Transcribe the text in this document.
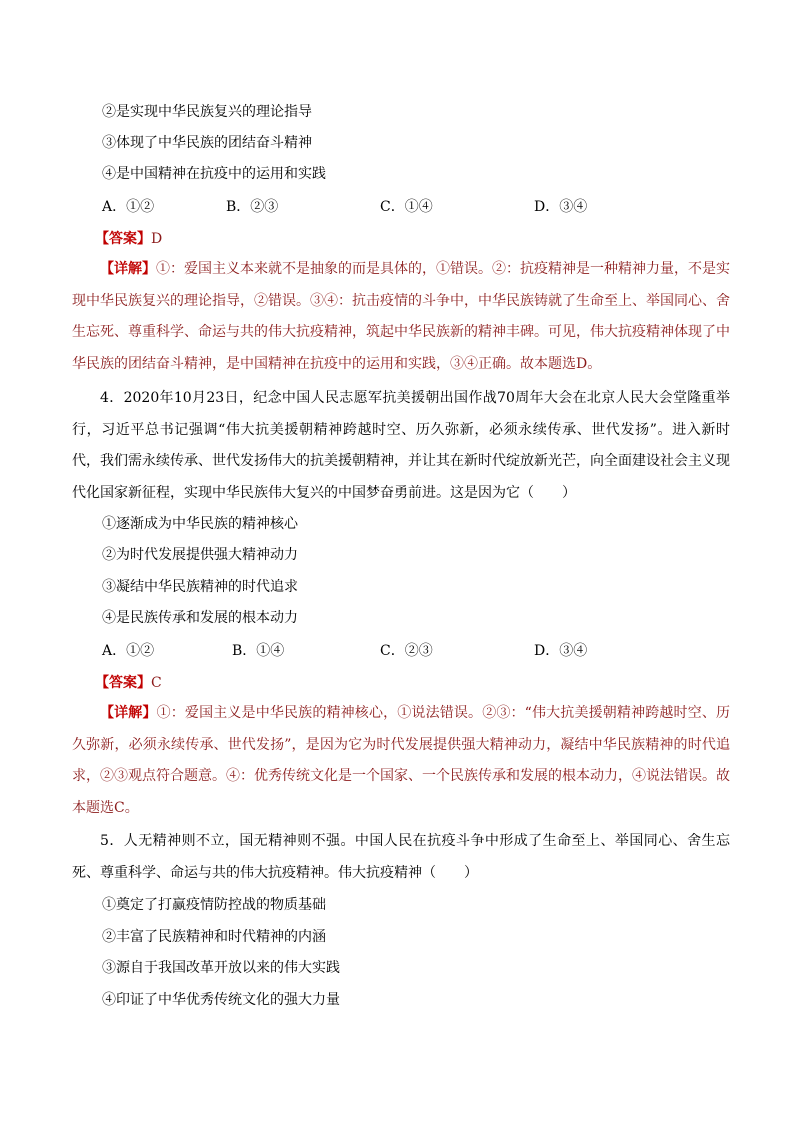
②是实现中华民族复兴的理论指导
③体现了中华民族的团结奋斗精神
④是中国精神在抗疫中的运用和实践
A．①②	B．②③	C．①④	D．③④
【答案】D
【详解】①：爱国主义本来就不是抽象的而是具体的，①错误。②：抗疫精神是一种精神力量，不是实现中华民族复兴的理论指导，②错误。③④：抗击疫情的斗争中，中华民族铸就了生命至上、举国同心、舍生忘死、尊重科学、命运与共的伟大抗疫精神，筑起中华民族新的精神丰碑。可见，伟大抗疫精神体现了中华民族的团结奋斗精神，是中国精神在抗疫中的运用和实践，③④正确。故本题选D。
4．2020年10月23日，纪念中国人民志愿军抗美援朝出国作战70周年大会在北京人民大会堂隆重举行，习近平总书记强调“伟大抗美援朝精神跨越时空、历久弥新，必须永续传承、世代发扬”。进入新时代，我们需永续传承、世代发扬伟大的抗美援朝精神，并让其在新时代绽放新光芒，向全面建设社会主义现代化国家新征程，实现中华民族伟大复兴的中国梦奋勇前进。这是因为它（　　）
①逐渐成为中华民族的精神核心
②为时代发展提供强大精神动力
③凝结中华民族精神的时代追求
④是民族传承和发展的根本动力
A．①②	B．①④	C．②③	D．③④
【答案】C
【详解】①：爱国主义是中华民族的精神核心，①说法错误。②③：“伟大抗美援朝精神跨越时空、历久弥新，必须永续传承、世代发扬”，是因为它为时代发展提供强大精神动力，凝结中华民族精神的时代追求，②③观点符合题意。④：优秀传统文化是一个国家、一个民族传承和发展的根本动力，④说法错误。故本题选C。
5．人无精神则不立，国无精神则不强。中国人民在抗疫斗争中形成了生命至上、举国同心、舍生忘死、尊重科学、命运与共的伟大抗疫精神。伟大抗疫精神（　　）
①奠定了打赢疫情防控战的物质基础
②丰富了民族精神和时代精神的内涵
③源自于我国改革开放以来的伟大实践
④印证了中华优秀传统文化的强大力量
